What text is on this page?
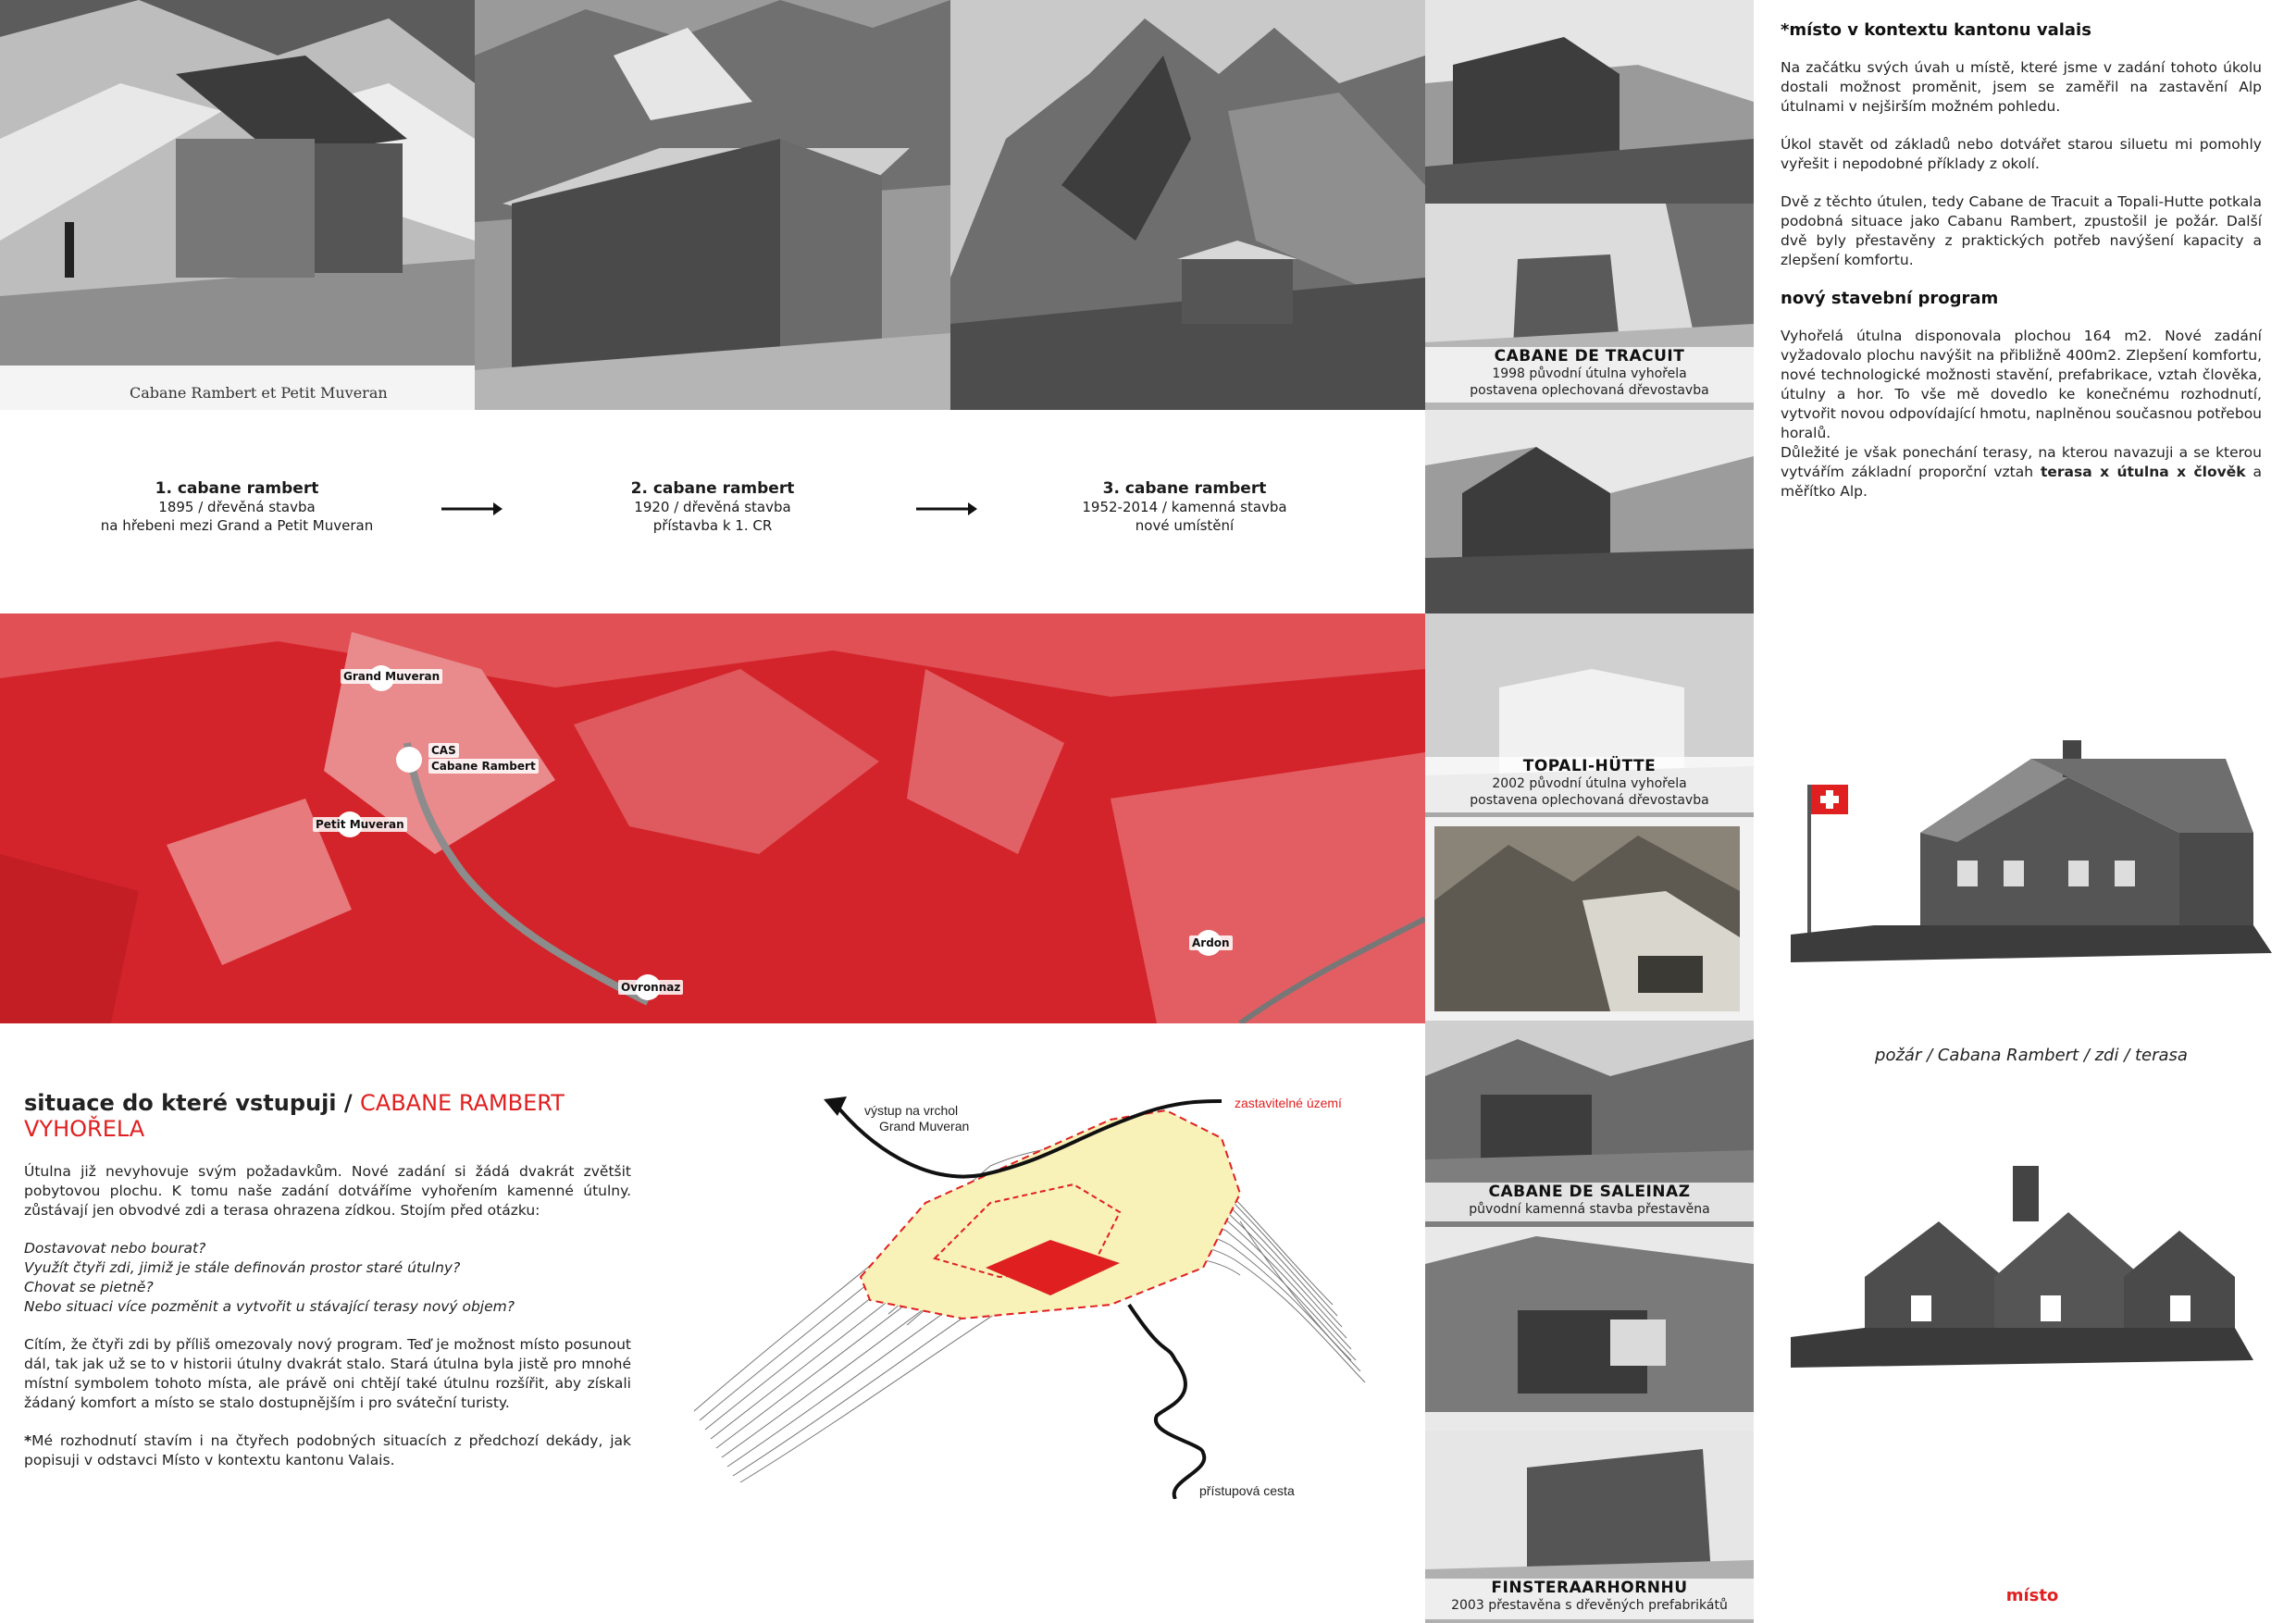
Cabane Rambert et Petit Muveran
1. cabane rambert
1895 / dřevěná stavba
na hřebeni mezi Grand a Petit Muveran
2. cabane rambert
1920 / dřevěná stavba
přístavba k 1. CR
3. cabane rambert
1952-2014 / kamenná stavba
nové umístění
Grand Muveran
CAS
Cabane Rambert
Petit Muveran
Ardon
Ovronnaz
CABANE DE TRACUIT
1998 původní útulna vyhořela
postavena oplechovaná dřevostavba
TOPALI-HÜTTE
2002 původní útulna vyhořela
postavena oplechovaná dřevostavba
CABANE DE SALEINAZ
původní kamenná stavba přestavěna
FINSTERAARHORNHU
2003 přestavěna s dřevěných prefabrikátů

*místo v kontextu kantonu valais

Na začátku svých úvah u místě, které jsme v zadání tohoto úkolu dostali možnost proměnit, jsem se zaměřil na zastavění Alp útulnami v nejširším možném pohledu.

Úkol stavět od základů nebo dotvářet starou siluetu mi pomohly vyřešit i nepodobné příklady z okolí.

Dvě z těchto útulen, tedy Cabane de Tracuit a Topali-Hutte potkala podobná situace jako Cabanu Rambert, zpustošil je požár. Další dvě byly přestavěny z praktických potřeb navýšení kapacity a zlepšení komfortu.

nový stavební program

Vyhořelá útulna disponovala plochou 164 m2. Nové zadání vyžadovalo plochu navýšit na přibližně 400m2. Zlepšení komfortu, nové technologické možnosti stavění, prefabrikace, vztah člověka, útulny a hor. To vše mě dovedlo ke konečnému rozhodnutí, vytvořit novou odpovídající hmotu, naplněnou současnou potřebou horalů.

Důležité je však ponechání terasy, na kterou navazuji a se kterou vytvářím základní proporční vztah terasa x útulna x člověk a měřítko Alp.

požár / Cabana Rambert / zdi / terasa
místo
situace do které vstupuji / CABANE RAMBERT VYHOŘELA

Útulna již nevyhovuje svým požadavkům. Nové zadání si žádá dvakrát zvětšit pobytovou plochu. K tomu naše zadání dotváříme vyhořením kamenné útulny. zůstávají jen obvodvé zdi a terasa ohrazena zídkou. Stojím před otázku:

Dostavovat nebo bourat?

Využít čtyři zdi, jimiž je stále definován prostor staré útulny?

Chovat se pietně?

Nebo situaci více pozměnit a vytvořit u stávající terasy nový objem?

Cítím, že čtyři zdi by příliš omezovaly nový program. Teď je možnost místo posunout dál, tak jak už se to v historii útulny dvakrát stalo. Stará útulna byla jistě pro mnohé místní symbolem tohoto místa, ale právě oni chtějí také útulnu rozšířit, aby získali žádaný komfort a místo se stalo dostupnějším i pro sváteční turisty.

*Mé rozhodnutí stavím i na čtyřech podobných situacích z předchozí dekády, jak popisuji v odstavci Místo v kontextu kantonu Valais.

výstup na vrchol
Grand Muveran
zastavitelné území
přístupová cesta
